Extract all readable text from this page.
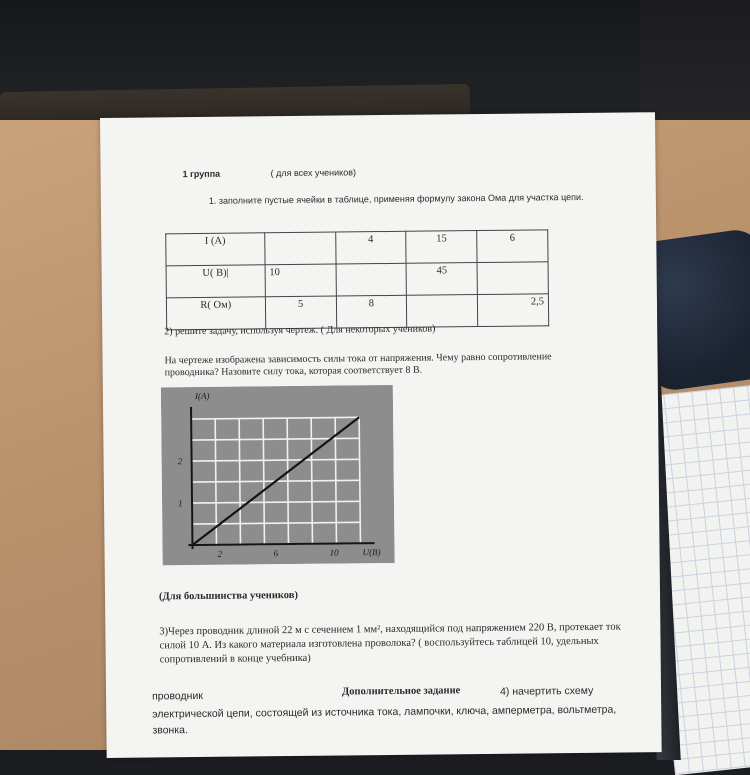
1 группа	( для всех учеников)
1. заполните пустые ячейки в таблице, применяя формулу закона Ома для участка цепи.
I (A)		4	15	6
U( B)|	10		45	
R( Ом)	5	8		2,5
2) решите задачу, используя чертеж. ( Для некоторых учеников)
На чертеже изображена зависимость силы тока от напряжения. Чему равно сопротивление проводника? Назовите силу тока, которая соответствует 8 В.
2	6	10
1
2
I(A)
U(B)
(Для большинства учеников)
3)Через проводник длиной 22 м с сечением 1 мм², находящийся под напряжением 220 В, протекает ток силой 10 А. Из какого материала изготовлена проволока? ( воспользуйтесь таблицей 10, удельных сопротивлений в конце учебника)
проводник	Дополнительное задание	4) начертить схему
электрической цепи, состоящей из источника тока, лампочки, ключа, амперметра, вольтметра, звонка.
